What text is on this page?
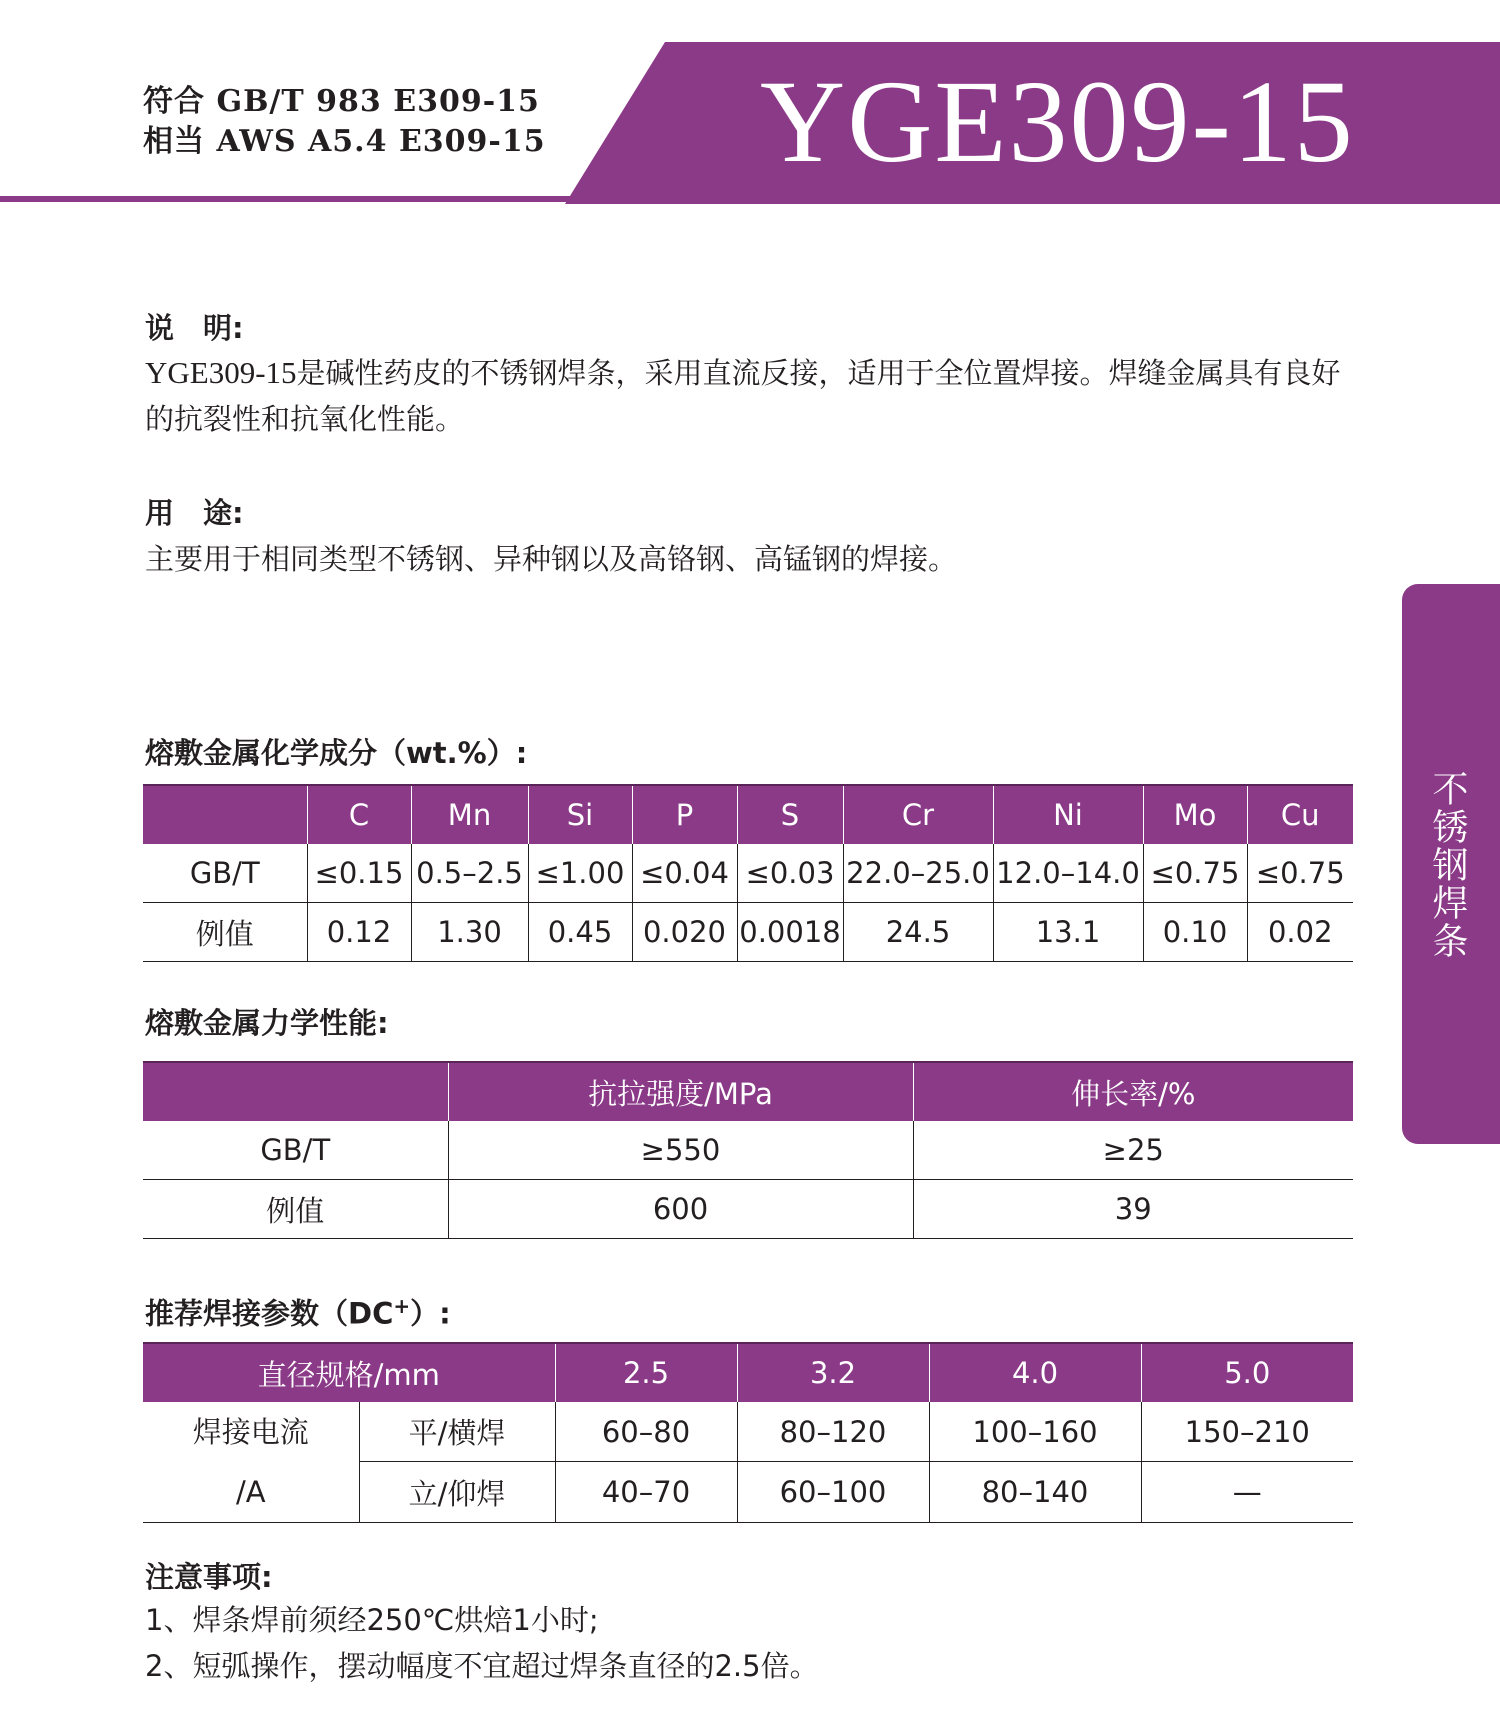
符合 GB/T 983 E309-15
相当 AWS A5.4 E309-15 YGE309-15
不锈钢焊条
说　明:
YGE309-15是碱性药皮的不锈钢焊条，采用直流反接，适用于全位置焊接。焊缝金属具有良好的抗裂性和抗氧化性能。
用　途:
主要用于相同类型不锈钢、异种钢以及高铬钢、高锰钢的焊接。
熔敷金属化学成分（wt.%）:
	C	Mn	Si	P	S	Cr	Ni	Mo	Cu
GB/T	≤0.15	0.5–2.5	≤1.00	≤0.04	≤0.03	22.0–25.0	12.0–14.0	≤0.75	≤0.75
例值	0.12	1.30	0.45	0.020	0.0018	24.5	13.1	0.10	0.02
熔敷金属力学性能:
	抗拉强度/MPa	伸长率/%
GB/T	≥550	≥25
例值	600	39
推荐焊接参数（DC+）:
直径规格/mm		2.5	3.2	4.0	5.0

焊接电流
/A	平/横焊	60–80	80–120	100–160	150–210
	立/仰焊	40–70	60–100	80–140	—
注意事项:
1、焊条焊前须经250℃烘焙1小时;
2、短弧操作，摆动幅度不宜超过焊条直径的2.5倍。
